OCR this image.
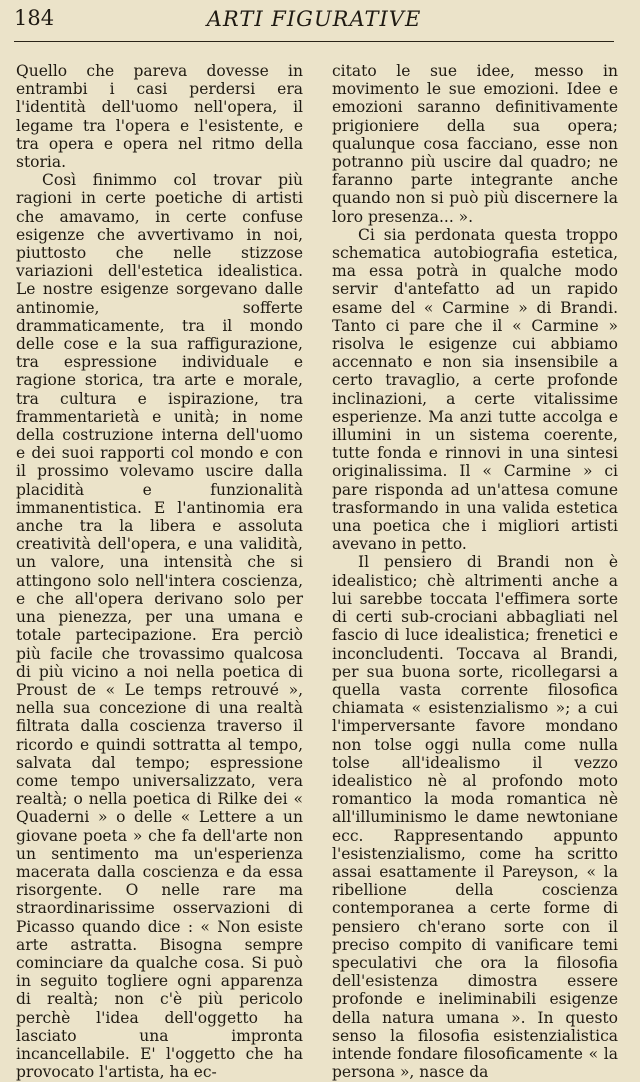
184	ARTI FIGURATIVE

Quello che pareva dovesse in entrambi i casi perdersi era l'identità dell'uomo nell'opera, il legame tra l'opera e l'esistente, e tra opera e opera nel ritmo della storia.

Così finimmo col trovar più ragioni in certe poetiche di artisti che amavamo, in certe confuse esigenze che avvertivamo in noi, piuttosto che nelle stizzose variazioni dell'estetica idealistica. Le nostre esigenze sorgevano dalle antinomie, sofferte drammaticamente, tra il mondo delle cose e la sua raffigurazione, tra espressione individuale e ragione storica, tra arte e morale, tra cultura e ispirazione, tra frammentarietà e unità; in nome della costruzione interna dell'uomo e dei suoi rapporti col mondo e con il prossimo volevamo uscire dalla placidità e funzionalità immanentistica. E l'antinomia era anche tra la libera e assoluta creatività dell'opera, e una validità, un valore, una intensità che si attingono solo nell'intera coscienza, e che all'opera derivano solo per una pienezza, per una umana e totale partecipazione. Era perciò più facile che trovassimo qualcosa di più vicino a noi nella poetica di Proust de « Le temps retrouvé », nella sua concezione di una realtà filtrata dalla coscienza traverso il ricordo e quindi sottratta al tempo, salvata dal tempo; espressione come tempo universalizzato, vera realtà; o nella poetica di Rilke dei « Quaderni » o delle « Lettere a un giovane poeta » che fa dell'arte non un sentimento ma un'esperienza macerata dalla coscienza e da essa risorgente. O nelle rare ma straordinarissime osservazioni di Picasso quando dice : « Non esiste arte astratta. Bisogna sempre cominciare da qualche cosa. Si può in seguito togliere ogni apparenza di realtà; non c'è più pericolo perchè l'idea dell'oggetto ha lasciato una impronta incancellabile. E' l'oggetto che ha provocato l'artista, ha ec-

citato le sue idee, messo in movimento le sue emozioni. Idee e emozioni saranno definitivamente prigioniere della sua opera; qualunque cosa facciano, esse non potranno più uscire dal quadro; ne faranno parte integrante anche quando non si può più discernere la loro presenza... ».

Ci sia perdonata questa troppo schematica autobiografia estetica, ma essa potrà in qualche modo servir d'antefatto ad un rapido esame del « Carmine » di Brandi. Tanto ci pare che il « Carmine » risolva le esigenze cui abbiamo accennato e non sia insensibile a certo travaglio, a certe profonde inclinazioni, a certe vitalissime esperienze. Ma anzi tutte accolga e illumini in un sistema coerente, tutte fonda e rinnovi in una sintesi originalissima. Il « Carmine » ci pare risponda ad un'attesa comune trasformando in una valida estetica una poetica che i migliori artisti avevano in petto.

Il pensiero di Brandi non è idealistico; chè altrimenti anche a lui sarebbe toccata l'effimera sorte di certi sub-crociani abbagliati nel fascio di luce idealistica; frenetici e inconcludenti. Toccava al Brandi, per sua buona sorte, ricollegarsi a quella vasta corrente filosofica chiamata « esistenzialismo »; a cui l'imperversante favore mondano non tolse oggi nulla come nulla tolse all'idealismo il vezzo idealistico nè al profondo moto romantico la moda romantica nè all'illuminismo le dame newtoniane ecc. Rappresentando appunto l'esistenzialismo, come ha scritto assai esattamente il Pareyson, « la ribellione della coscienza contemporanea a certe forme di pensiero ch'erano sorte con il preciso compito di vanificare temi speculativi che ora la filosofia dell'esistenza dimostra essere profonde e ineliminabili esigenze della natura umana ». In questo senso la filosofia esistenzialistica intende fondare filosoficamente « la persona », nasce da
